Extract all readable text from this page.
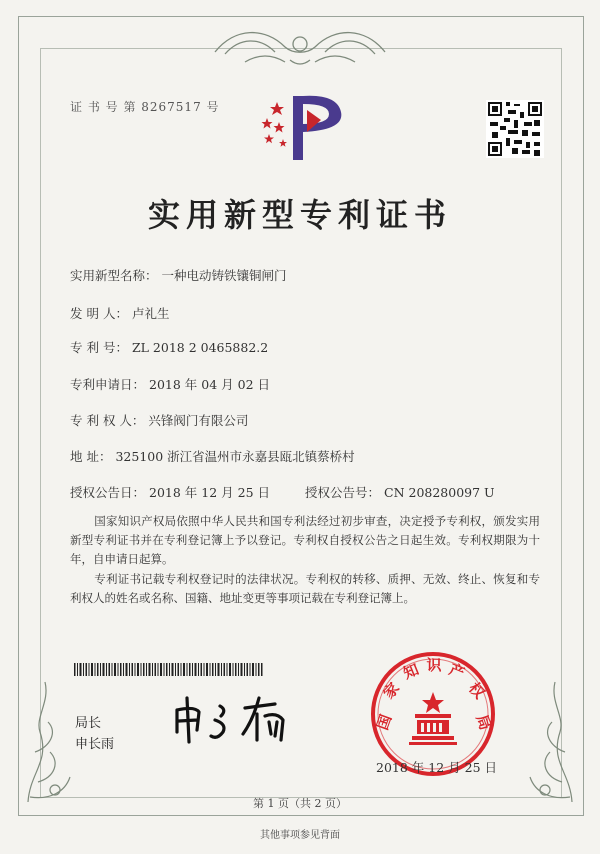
证 书 号 第 8267517 号
实用新型专利证书
实用新型名称： 一种电动铸铁镶铜闸门
发 明 人： 卢礼生
专 利 号： ZL 2018 2 0465882.2
专利申请日： 2018 年 04 月 02 日
专 利 权 人： 兴锋阀门有限公司
地 址： 325100 浙江省温州市永嘉县瓯北镇蔡桥村
授权公告日： 2018 年 12 月 25 日	授权公告号： CN 208280097 U
国家知识产权局依照中华人民共和国专利法经过初步审查，决定授予专利权，颁发实用新型专利证书并在专利登记簿上予以登记。专利权自授权公告之日起生效。专利权期限为十年，自申请日起算。
专利证书记载专利权登记时的法律状况。专利权的转移、质押、无效、终止、恢复和专利权人的姓名或名称、国籍、地址变更等事项记载在专利登记簿上。
局长
申长雨
国
家
知 识 产
权
局
2018 年 12 月 25 日
第 1 页（共 2 页）
其他事项参见背面
